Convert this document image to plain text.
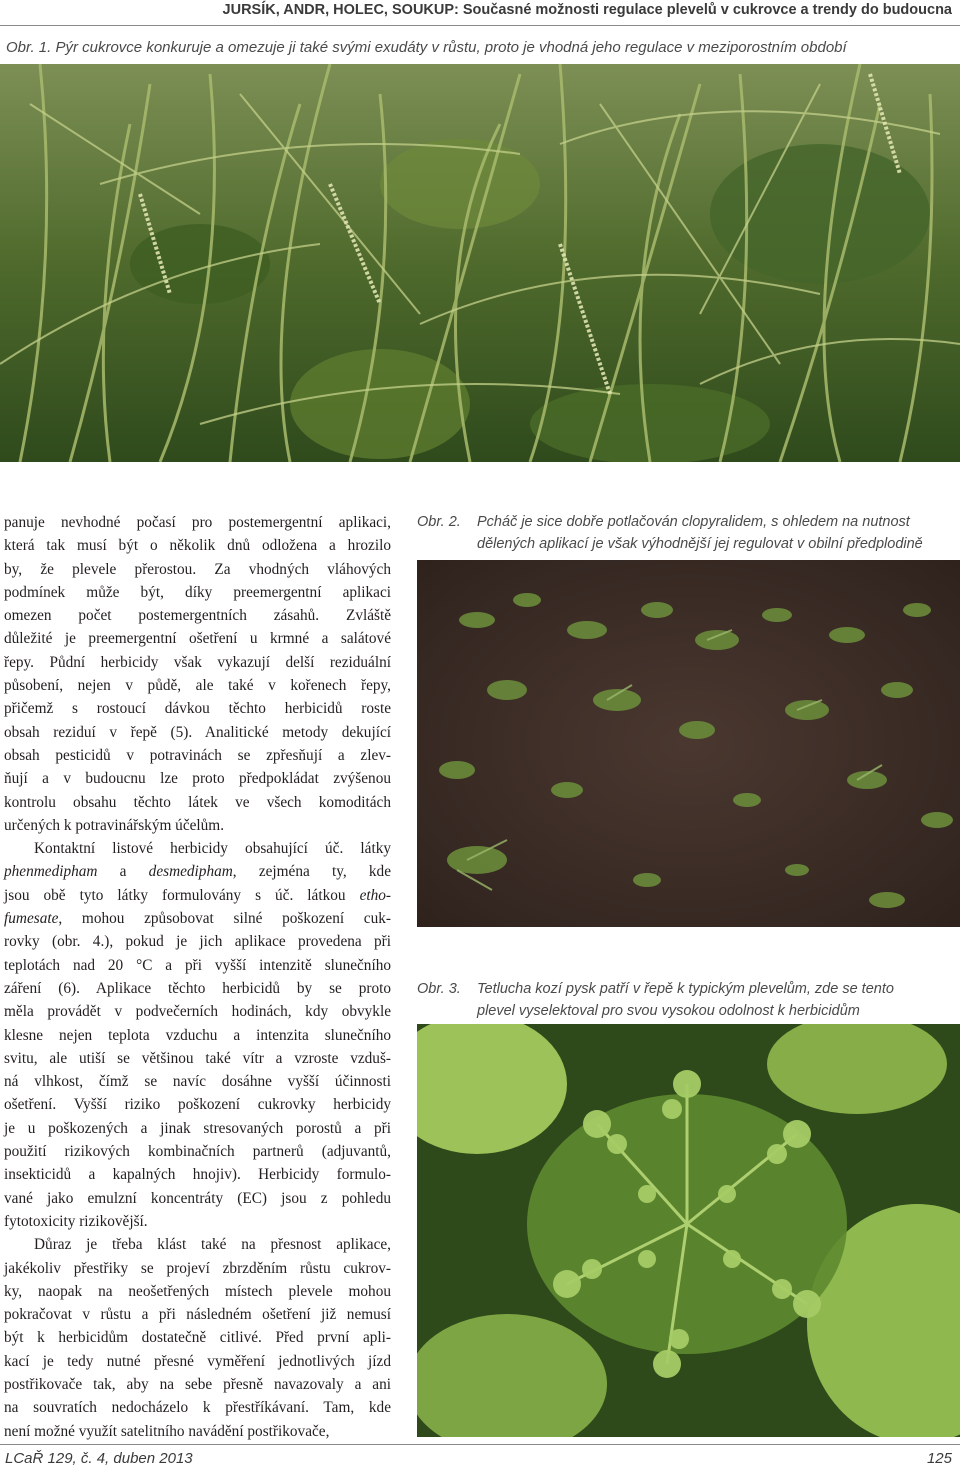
JURSÍK, ANDR, HOLEC, SOUKUP: Současné možnosti regulace plevelů v cukrovce a trendy do budoucna
Obr. 1. Pýr cukrovce konkuruje a omezuje ji také svými exudáty v růstu, proto je vhodná jeho regulace v meziporostním období

panuje nevhodné počasí pro postemergentní aplikaci,
která tak musí být o několik dnů odložena a hrozilo
by, že plevele přerostou. Za vhodných vláhových
podmínek může být, díky preemergentní aplikaci
omezen počet postemergentních zásahů. Zvláště
důležité je preemergentní ošetření u krmné a salátové
řepy. Půdní herbicidy však vykazují delší reziduální
působení, nejen v půdě, ale také v kořenech řepy,
přičemž s rostoucí dávkou těchto herbicidů roste
obsah reziduí v řepě (5). Analitické metody dekující
obsah pesticidů v potravinách se zpřesňují a zlev-
ňují a v budoucnu lze proto předpokládat zvýšenou
kontrolu obsahu těchto látek ve všech komoditách
určených k potravinářským účelům.

Kontaktní listové herbicidy obsahující úč. látky
phenmedipham a desmedipham, zejména ty, kde
jsou obě tyto látky formulovány s úč. látkou etho-
fumesate, mohou způsobovat silné poškození cuk-
rovky (obr. 4.), pokud je jich aplikace provedena při
teplotách nad 20 °C a při vyšší intenzitě slunečního
záření (6). Aplikace těchto herbicidů by se proto
měla provádět v podvečerních hodinách, kdy obvykle
klesne nejen teplota vzduchu a intenzita slunečního
svitu, ale utiší se většinou také vítr a vzroste vzduš-
ná vlhkost, čímž se navíc dosáhne vyšší účinnosti
ošetření. Vyšší riziko poškození cukrovky herbicidy
je u poškozených a jinak stresovaných porostů a při
použití rizikových kombinačních partnerů (adjuvantů,
insekticidů a kapalných hnojiv). Herbicidy formulo-
vané jako emulzní koncentráty (EC) jsou z pohledu
fytotoxicity rizikovější.

Důraz je třeba klást také na přesnost aplikace,
jakékoliv přestřiky se projeví zbrzděním růstu cukrov-
ky, naopak na neošetřených místech plevele mohou
pokračovat v růstu a při následném ošetření již nemusí
být k herbicidům dostatečně citlivé. Před první apli-
kací je tedy nutné přesné vyměření jednotlivých jízd
postřikovače tak, aby na sebe přesně navazovaly a ani
na souvratích nedocházelo k přestříkávaní. Tam, kde
není možné využít satelitního navádění postřikovače,

Obr. 2. Pcháč je sice dobře potlačován clopyralidem, s ohledem na nutnost
dělených aplikací je však výhodnější jej regulovat v obilní předplodině
Obr. 3. Tetlucha kozí pysk patří v řepě k typickým plevelům, zde se tento
plevel vyselektoval pro svou vysokou odolnost k herbicidům
LCaŘ 129, č. 4, duben 2013	125
